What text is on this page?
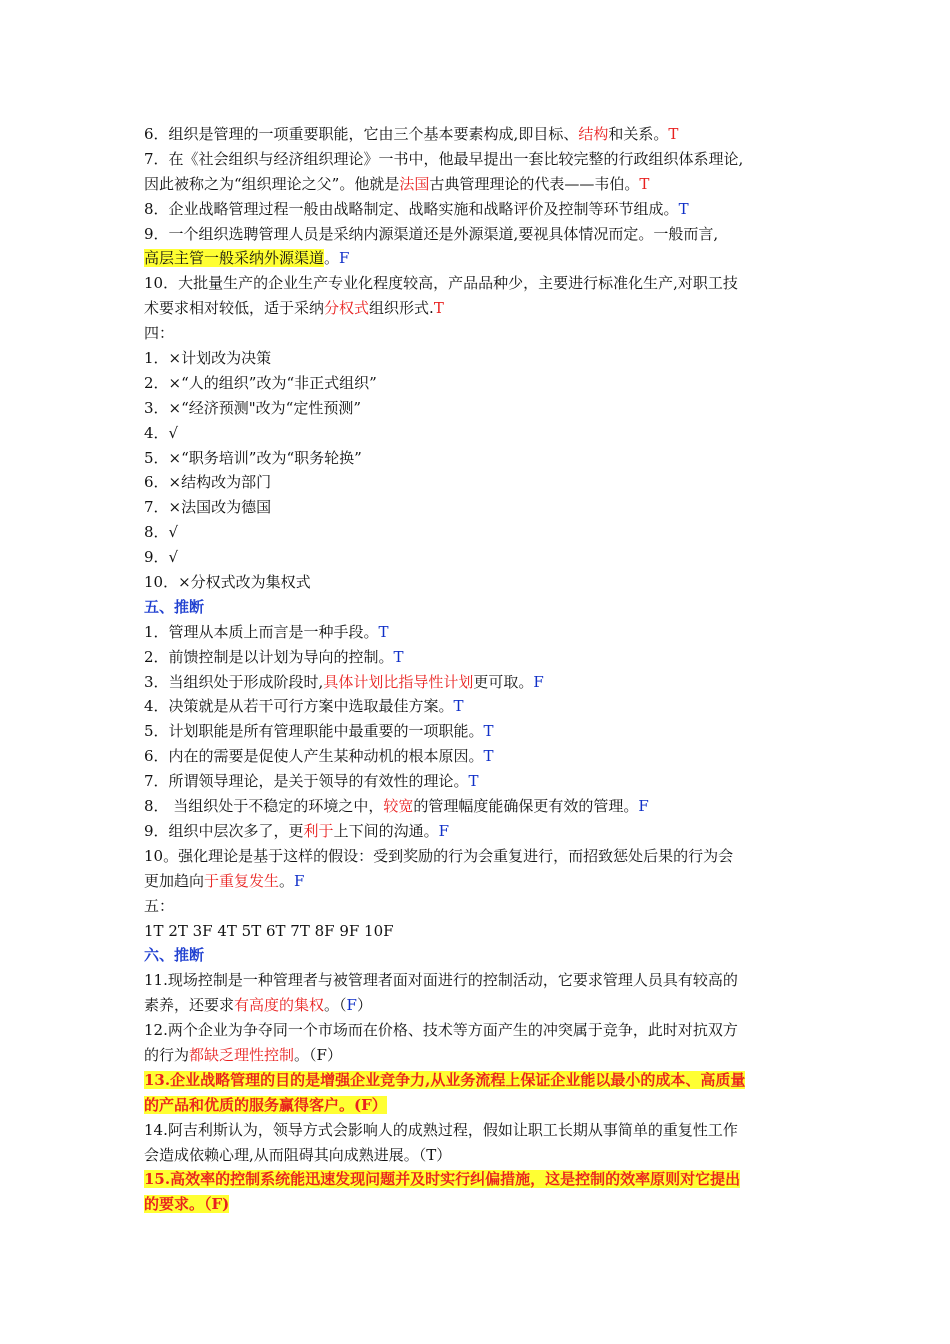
6．组织是管理的一项重要职能，它由三个基本要素构成,即目标、结构和关系。T
7．在《社会组织与经济组织理论》一书中，他最早提出一套比较完整的行政组织体系理论,
因此被称之为“组织理论之父”。他就是法国古典管理理论的代表——韦伯。T
8．企业战略管理过程一般由战略制定、战略实施和战略评价及控制等环节组成。T
9．一个组织选聘管理人员是采纳内源渠道还是外源渠道,要视具体情况而定。一般而言,
高层主管一般采纳外源渠道。F
10．大批量生产的企业生产专业化程度较高，产品品种少，主要进行标准化生产,对职工技
术要求相对较低，适于采纳分权式组织形式.T
四：
1．×计划改为决策
2．×“人的组织”改为“非正式组织”
3．×“经济预测"改为“定性预测”
4．√
5．×“职务培训”改为“职务轮换”
6．×结构改为部门
7．×法国改为德国
8．√
9．√
10．×分权式改为集权式
五、推断
1．管理从本质上而言是一种手段。T
2．前馈控制是以计划为导向的控制。T
3．当组织处于形成阶段时,具体计划比指导性计划更可取。F
4．决策就是从若干可行方案中选取最佳方案。T
5．计划职能是所有管理职能中最重要的一项职能。T
6．内在的需要是促使人产生某种动机的根本原因。T
7．所谓领导理论，是关于领导的有效性的理论。T
8． 当组织处于不稳定的环境之中，较宽的管理幅度能确保更有效的管理。F
9．组织中层次多了，更利于上下间的沟通。F
10。强化理论是基于这样的假设：受到奖励的行为会重复进行，而招致惩处后果的行为会
更加趋向于重复发生。F
五：
1T 2T 3F 4T 5T 6T 7T 8F 9F 10F
六、推断
11.现场控制是一种管理者与被管理者面对面进行的控制活动，它要求管理人员具有较高的
素养，还要求有高度的集权。（F）
12.两个企业为争夺同一个市场而在价格、技术等方面产生的冲突属于竞争，此时对抗双方
的行为都缺乏理性控制。（F）
13.企业战略管理的目的是增强企业竞争力,从业务流程上保证企业能以最小的成本、高质量
的产品和优质的服务赢得客户。(F）
14.阿吉利斯认为，领导方式会影响人的成熟过程，假如让职工长期从事简单的重复性工作
会造成依赖心理,从而阻碍其向成熟进展。（T）
15.高效率的控制系统能迅速发现问题并及时实行纠偏措施，这是控制的效率原则对它提出
的要求。（F)
